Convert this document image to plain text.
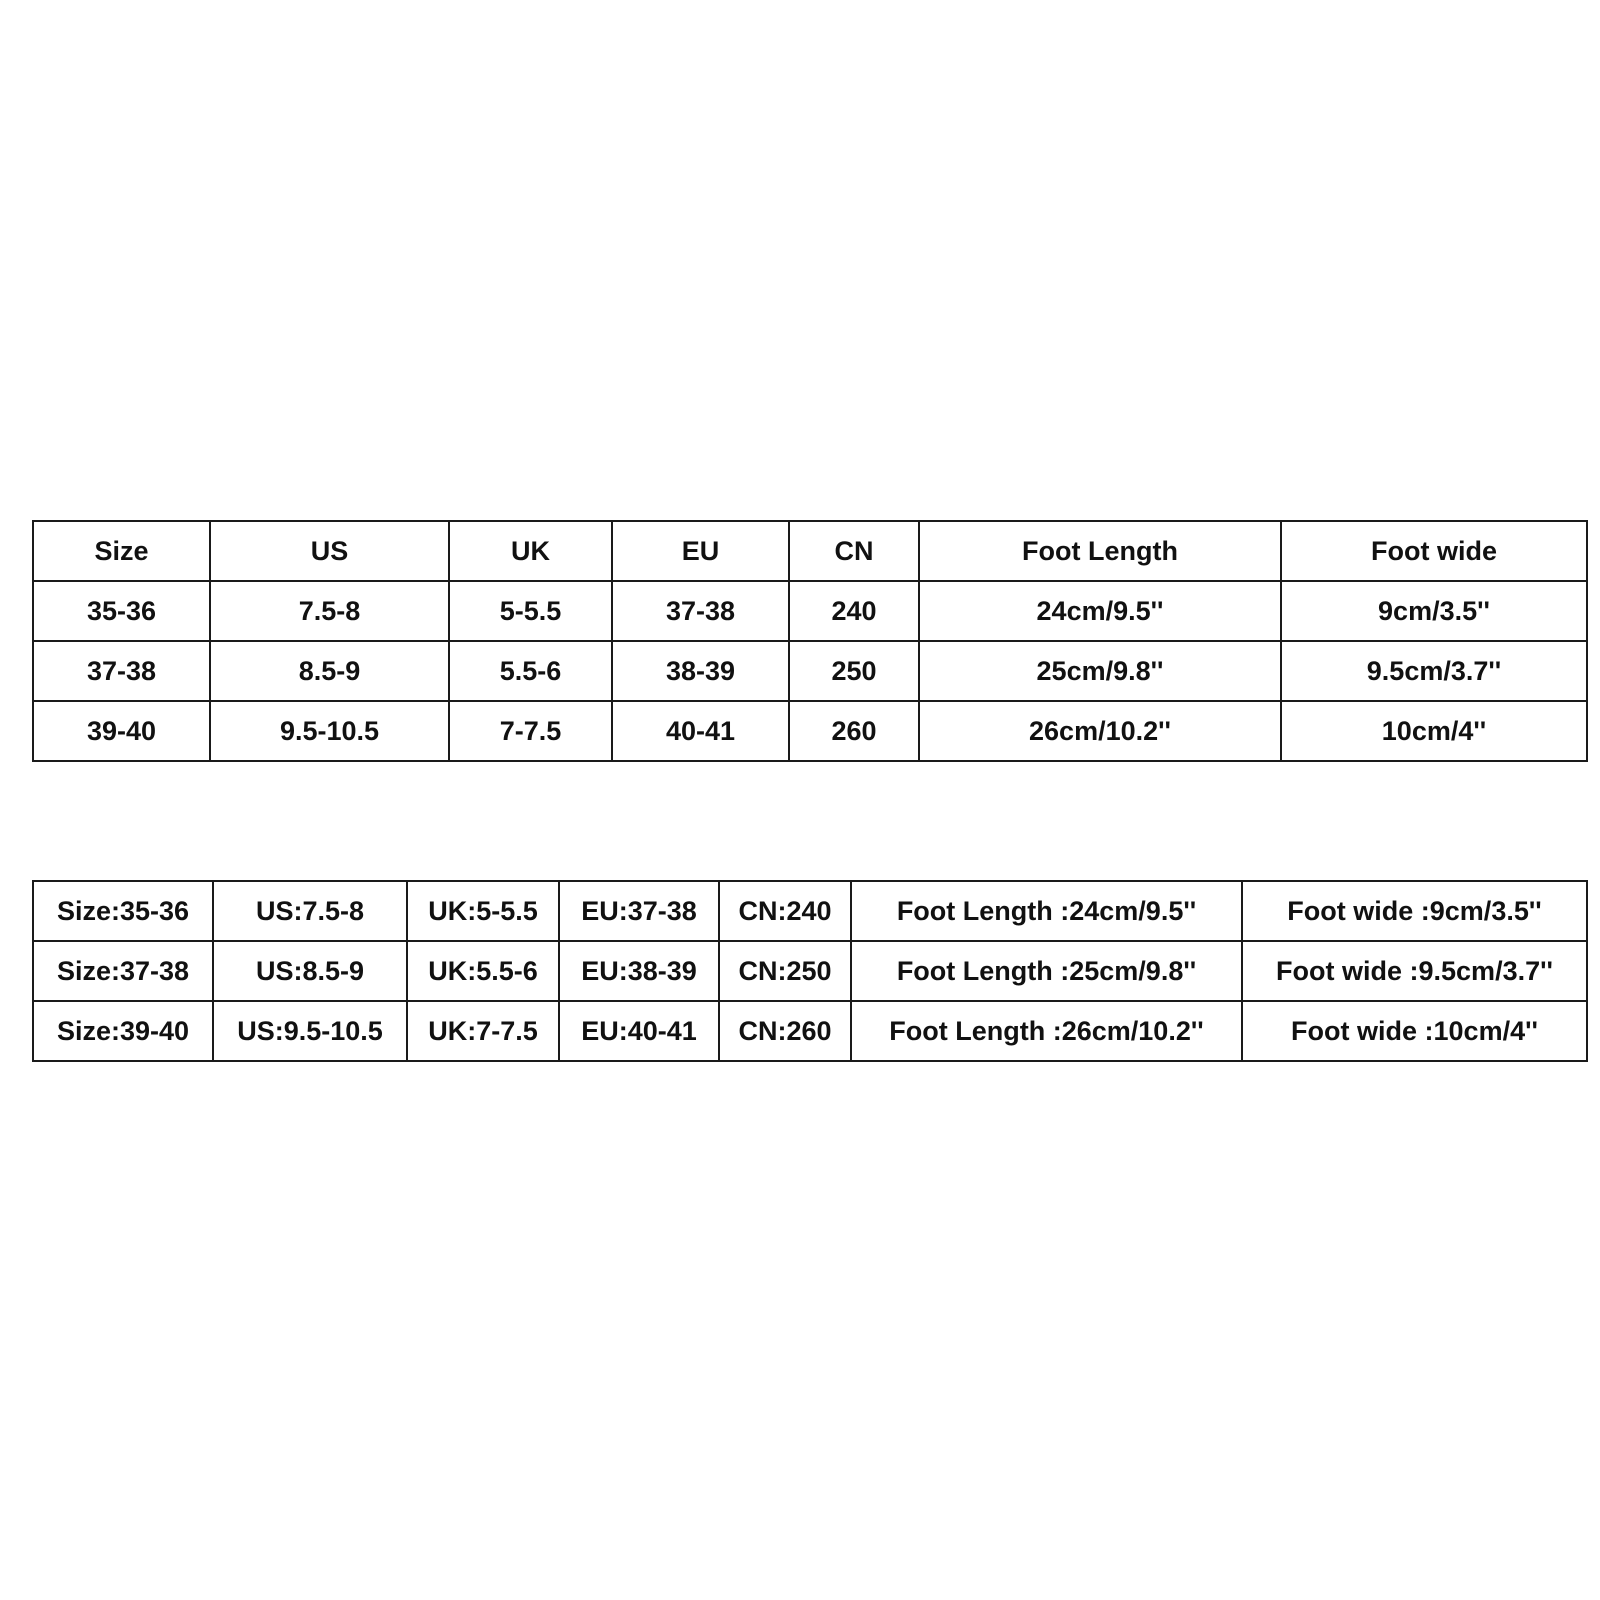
Size	US	UK	EU	CN	Foot Length	Foot wide
35-36	7.5-8	5-5.5	37-38	240	24cm/9.5''	9cm/3.5''
37-38	8.5-9	5.5-6	38-39	250	25cm/9.8''	9.5cm/3.7''
39-40	9.5-10.5	7-7.5	40-41	260	26cm/10.2''	10cm/4''
Size:35-36	US:7.5-8	UK:5-5.5	EU:37-38	CN:240	Foot Length :24cm/9.5''	Foot wide :9cm/3.5''
Size:37-38	US:8.5-9	UK:5.5-6	EU:38-39	CN:250	Foot Length :25cm/9.8''	Foot wide :9.5cm/3.7''
Size:39-40	US:9.5-10.5	UK:7-7.5	EU:40-41	CN:260	Foot Length :26cm/10.2''	Foot wide :10cm/4''
